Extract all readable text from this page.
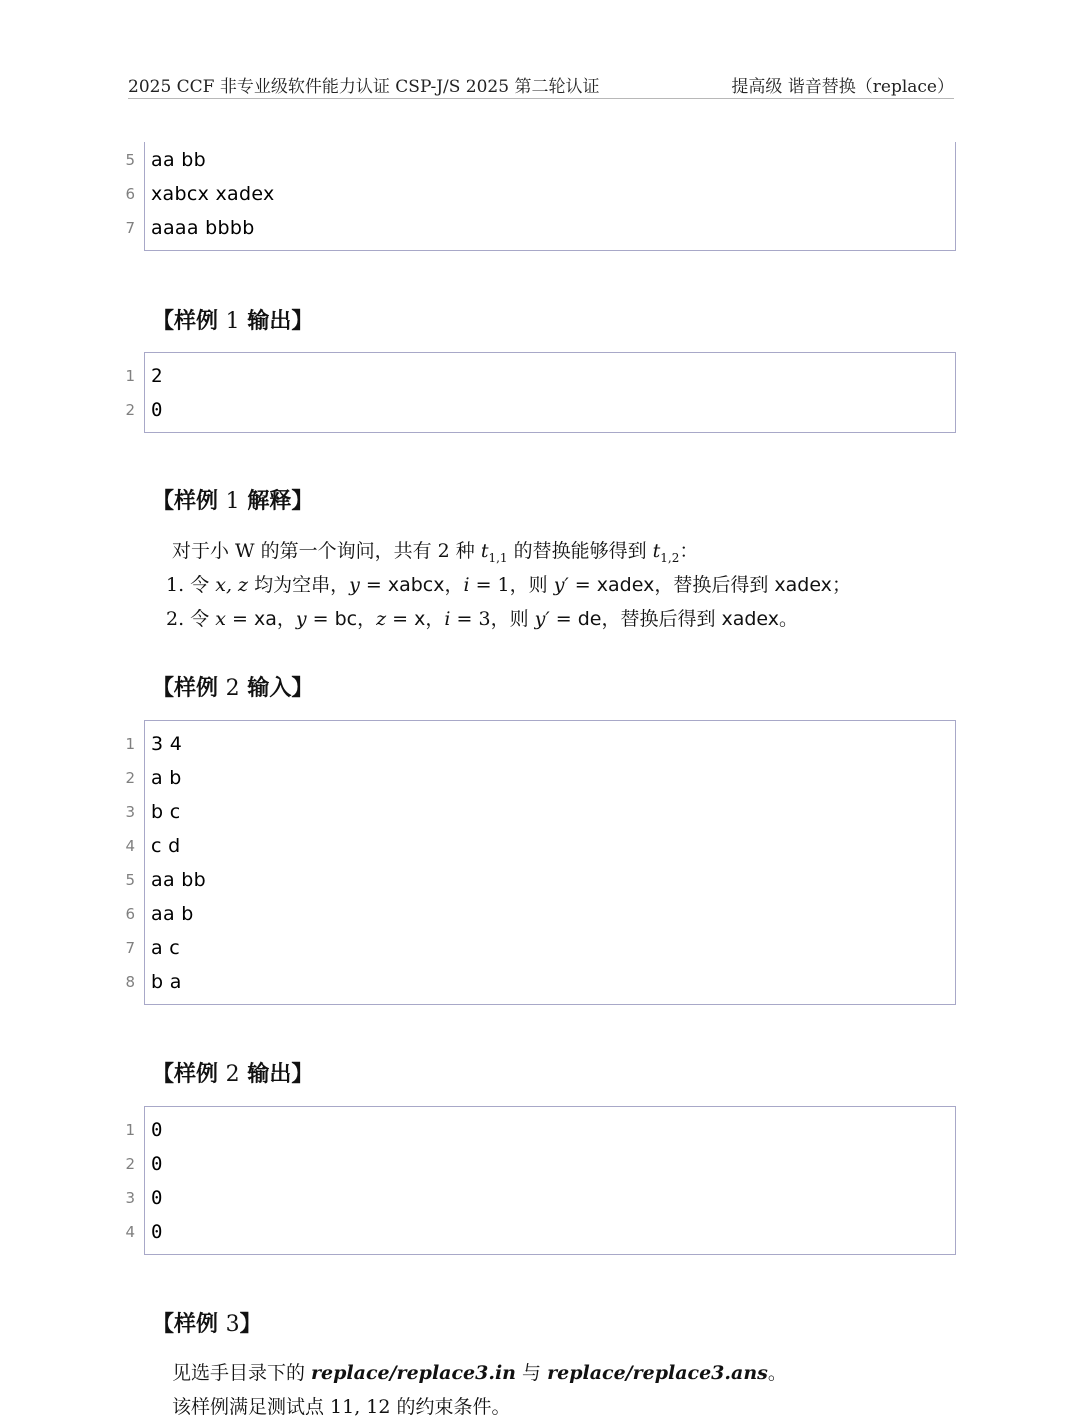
2025 CCF 非专业级软件能力认证 CSP-J/S 2025 第二轮认证	提高级 谐音替换（replace）
5 aa bb
6 xabcx xadex
7 aaaa bbbb
【样例 1 输出】
1 2
2 0
【样例 1 解释】
对于小 W 的第一个询问，共有 2 种 $t_{1,1}$ 的替换能够得到 $t_{1,2}$：
1. 令 x, z 均为空串，y = xabcx，i = 1，则 y′ = xadex，替换后得到 xadex；
2. 令 x = xa，y = bc，z = x，i = 3，则 y′ = de，替换后得到 xadex。
【样例 2 输入】
1 3 4
2 a b
3 b c
4 c d
5 aa bb
6 aa b
7 a c
8 b a
【样例 2 输出】
1 0
2 0
3 0
4 0
【样例 3】
见选手目录下的 replace/replace3.in 与 replace/replace3.ans。
该样例满足测试点 11, 12 的约束条件。
